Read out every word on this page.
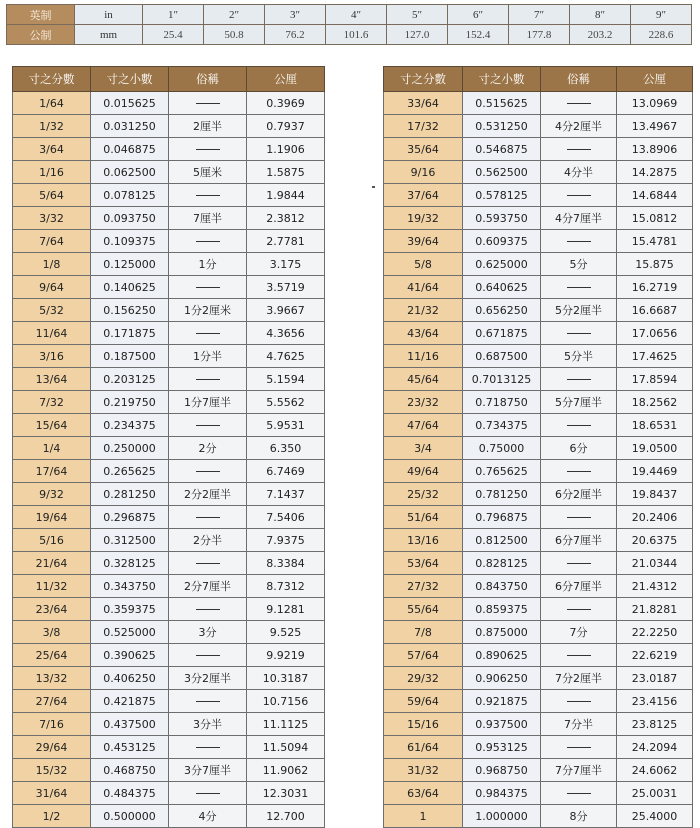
英制	in	1″	2″	3″	4″	5″	6″	7″	8″	9″
公制	mm	25.4	50.8	76.2	101.6	127.0	152.4	177.8	203.2	228.6
寸之分數	寸之小數	俗稱	公厘
1/64	0.015625		0.3969
1/32	0.031250	2厘半	0.7937
3/64	0.046875		1.1906
1/16	0.062500	5厘米	1.5875
5/64	0.078125		1.9844
3/32	0.093750	7厘半	2.3812
7/64	0.109375		2.7781
1/8	0.125000	1分	3.175
9/64	0.140625		3.5719
5/32	0.156250	1分2厘米	3.9667
11/64	0.171875		4.3656
3/16	0.187500	1分半	4.7625
13/64	0.203125		5.1594
7/32	0.219750	1分7厘半	5.5562
15/64	0.234375		5.9531
1/4	0.250000	2分	6.350
17/64	0.265625		6.7469
9/32	0.281250	2分2厘半	7.1437
19/64	0.296875		7.5406
5/16	0.312500	2分半	7.9375
21/64	0.328125		8.3384
11/32	0.343750	2分7厘半	8.7312
23/64	0.359375		9.1281
3/8	0.525000	3分	9.525
25/64	0.390625		9.9219
13/32	0.406250	3分2厘半	10.3187
27/64	0.421875		10.7156
7/16	0.437500	3分半	11.1125
29/64	0.453125		11.5094
15/32	0.468750	3分7厘半	11.9062
31/64	0.484375		12.3031
1/2	0.500000	4分	12.700
寸之分數	寸之小數	俗稱	公厘
33/64	0.515625		13.0969
17/32	0.531250	4分2厘半	13.4967
35/64	0.546875		13.8906
9/16	0.562500	4分半	14.2875
37/64	0.578125		14.6844
19/32	0.593750	4分7厘半	15.0812
39/64	0.609375		15.4781
5/8	0.625000	5分	15.875
41/64	0.640625		16.2719
21/32	0.656250	5分2厘半	16.6687
43/64	0.671875		17.0656
11/16	0.687500	5分半	17.4625
45/64	0.7013125		17.8594
23/32	0.718750	5分7厘半	18.2562
47/64	0.734375		18.6531
3/4	0.75000	6分	19.0500
49/64	0.765625		19.4469
25/32	0.781250	6分2厘半	19.8437
51/64	0.796875		20.2406
13/16	0.812500	6分7厘半	20.6375
53/64	0.828125		21.0344
27/32	0.843750	6分7厘半	21.4312
55/64	0.859375		21.8281
7/8	0.875000	7分	22.2250
57/64	0.890625		22.6219
29/32	0.906250	7分2厘半	23.0187
59/64	0.921875		23.4156
15/16	0.937500	7分半	23.8125
61/64	0.953125		24.2094
31/32	0.968750	7分7厘半	24.6062
63/64	0.984375		25.0031
1	1.000000	8分	25.4000
